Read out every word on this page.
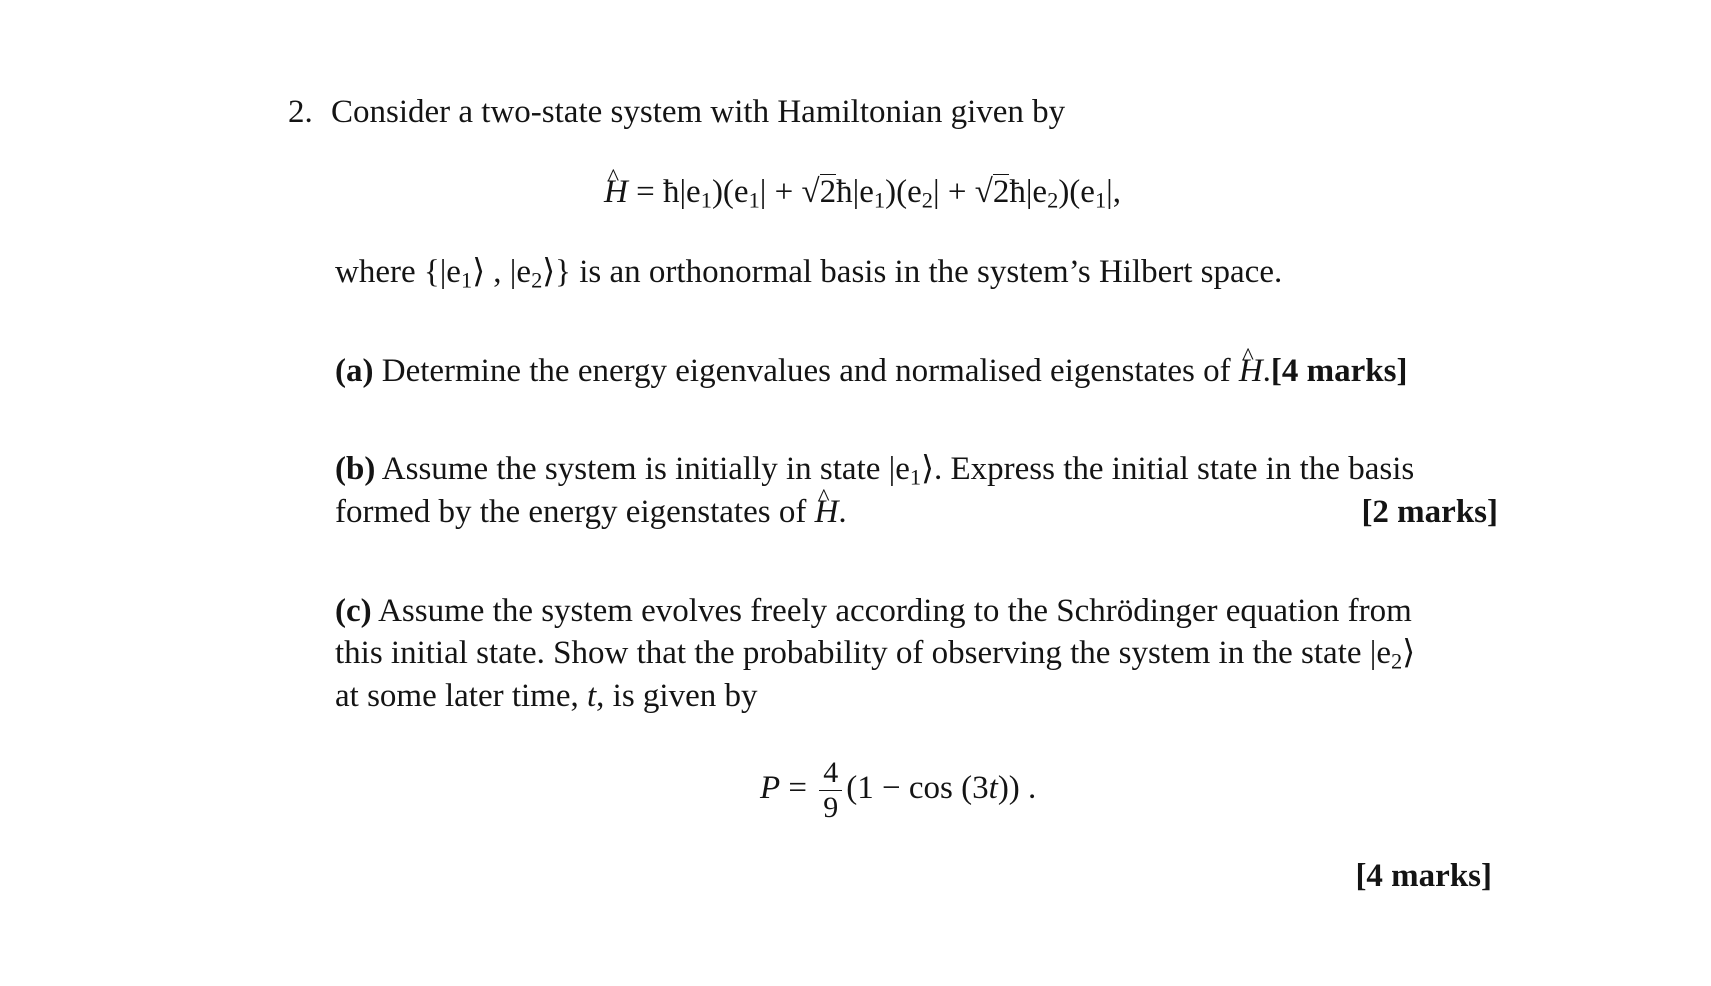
2. Consider a two-state system with Hamiltonian given by
^ $H = ħ|e_1)(e_1|$ + $√2ħ|e_1)(e_2|$ + $√2ħ|e_2)(e_1|$,
where {$|e_1⟩$ , $|e_2⟩$} is an orthonormal basis in the system’s Hilbert space.
(a) Determine the energy eigenvalues and normalised eigenstates of ^ H.[4 marks]
(b) Assume the system is initially in state $|e_1⟩$. Express the initial state in the basis
formed by the energy eigenstates of ^ H.	[2 marks]
(c) Assume the system evolves freely according to the Schrödinger equation from
this initial state. Show that the probability of observing the system in the state $|e_2⟩$
at some later time, t, is given by
$P = \frac{4}{9} (1 - \cos (3t))$ .
[4 marks]
